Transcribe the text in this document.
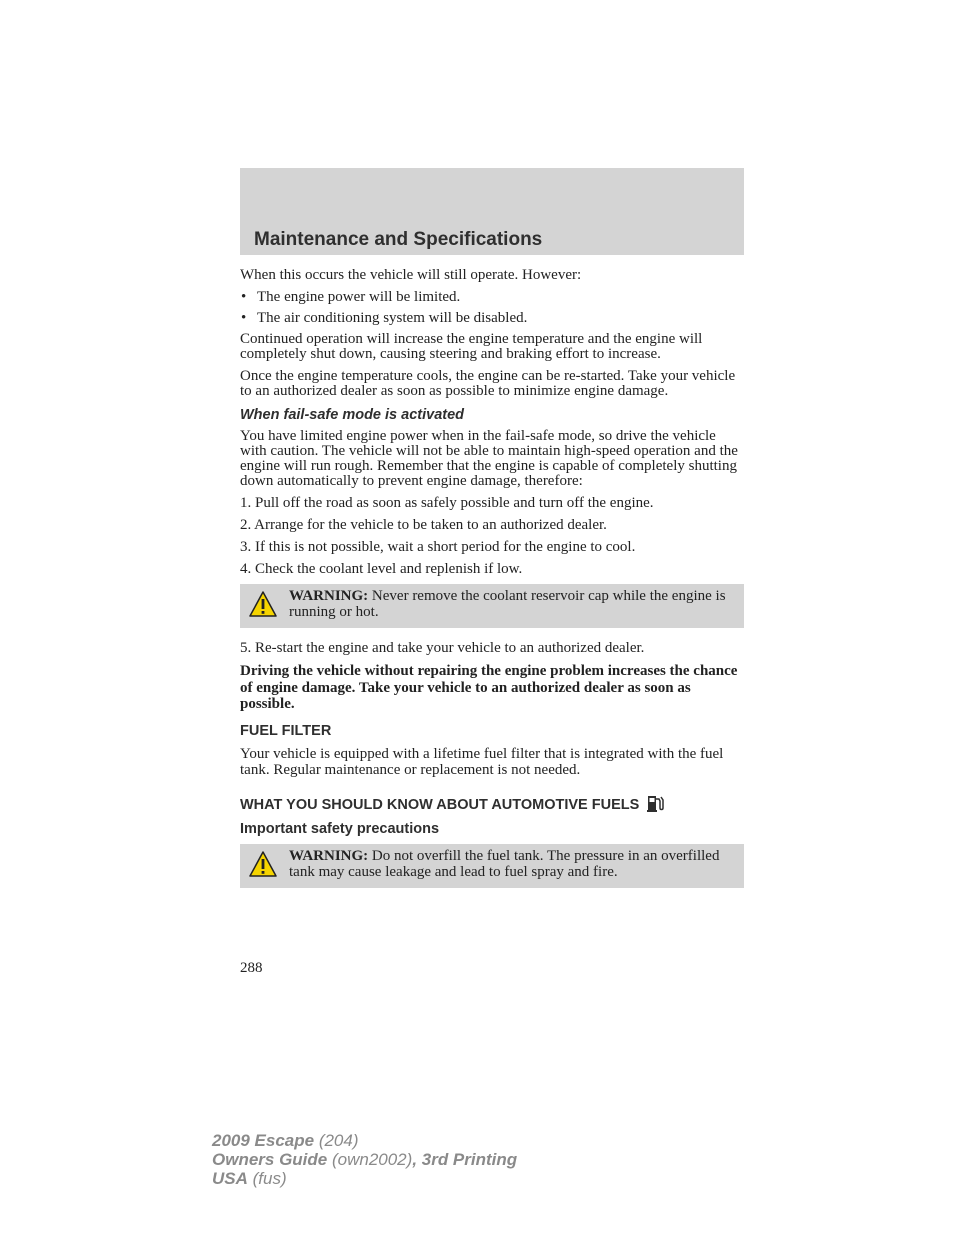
Maintenance and Specifications

When this occurs the vehicle will still operate. However:

• The engine power will be limited.
• The air conditioning system will be disabled.

Continued operation will increase the engine temperature and the engine will completely shut down, causing steering and braking effort to increase.

Once the engine temperature cools, the engine can be re-started. Take your vehicle to an authorized dealer as soon as possible to minimize engine damage.

When fail-safe mode is activated

You have limited engine power when in the fail-safe mode, so drive the vehicle with caution. The vehicle will not be able to maintain high-speed operation and the engine will run rough. Remember that the engine is capable of completely shutting down automatically to prevent engine damage, therefore:

1. Pull off the road as soon as safely possible and turn off the engine.

2. Arrange for the vehicle to be taken to an authorized dealer.

3. If this is not possible, wait a short period for the engine to cool.

4. Check the coolant level and replenish if low.

WARNING: Never remove the coolant reservoir cap while the engine is running or hot.

5. Re-start the engine and take your vehicle to an authorized dealer.

Driving the vehicle without repairing the engine problem increases the chance of engine damage. Take your vehicle to an authorized dealer as soon as possible.

FUEL FILTER

Your vehicle is equipped with a lifetime fuel filter that is integrated with the fuel tank. Regular maintenance or replacement is not needed.

WHAT YOU SHOULD KNOW ABOUT AUTOMOTIVE FUELS
Important safety precautions
WARNING: Do not overfill the fuel tank. The pressure in an overfilled tank may cause leakage and lead to fuel spray and fire.
288
2009 Escape (204)
Owners Guide (own2002), 3rd Printing
USA (fus)
